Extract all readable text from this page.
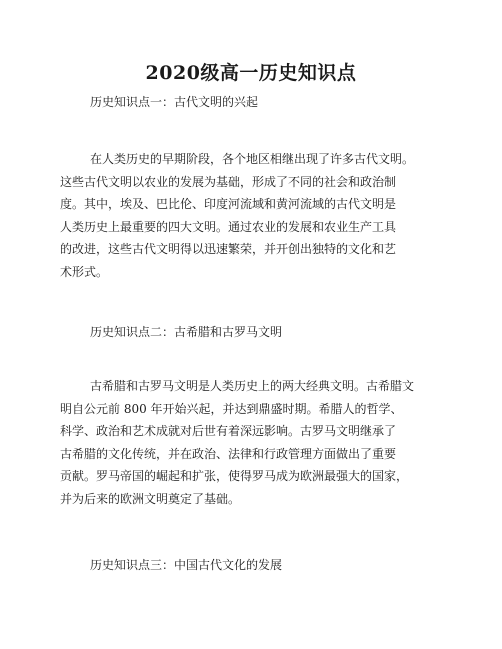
2020级高一历史知识点
历史知识点一：古代文明的兴起
在人类历史的早期阶段，各个地区相继出现了许多古代文明。
这些古代文明以农业的发展为基础，形成了不同的社会和政治制
度。其中，埃及、巴比伦、印度河流域和黄河流域的古代文明是
人类历史上最重要的四大文明。通过农业的发展和农业生产工具
的改进，这些古代文明得以迅速繁荣，并开创出独特的文化和艺
术形式。
历史知识点二：古希腊和古罗马文明
古希腊和古罗马文明是人类历史上的两大经典文明。古希腊文
明自公元前 800 年开始兴起，并达到鼎盛时期。希腊人的哲学、
科学、政治和艺术成就对后世有着深远影响。古罗马文明继承了
古希腊的文化传统，并在政治、法律和行政管理方面做出了重要
贡献。罗马帝国的崛起和扩张，使得罗马成为欧洲最强大的国家，
并为后来的欧洲文明奠定了基础。
历史知识点三：中国古代文化的发展
